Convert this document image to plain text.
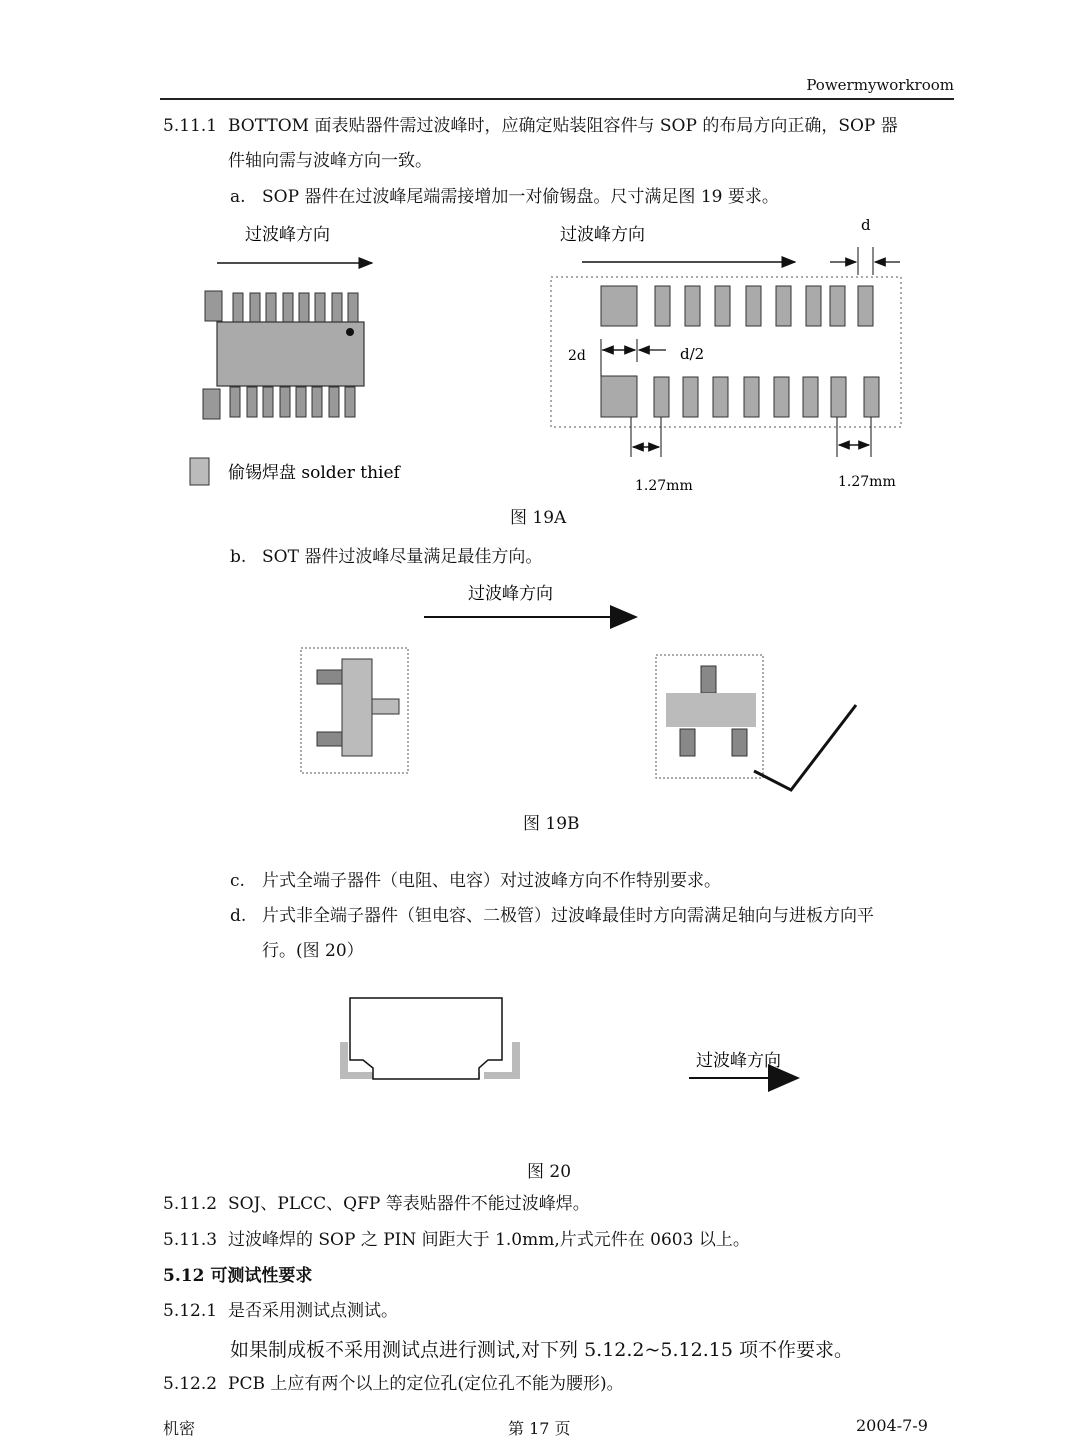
Powermyworkroom
5.11.1 BOTTOM 面表贴器件需过波峰时，应确定贴装阻容件与 SOP 的布局方向正确，SOP 器
件轴向需与波峰方向一致。
a. SOP 器件在过波峰尾端需接增加一对偷锡盘。尺寸满足图 19 要求。
过波峰方向
偷锡焊盘 solder thief
过波峰方向	d
2d	d/2
1.27mm	1.27mm
图 19A
b. SOT 器件过波峰尽量满足最佳方向。
过波峰方向
图 19B
c. 片式全端子器件（电阻、电容）对过波峰方向不作特别要求。
d. 片式非全端子器件（钽电容、二极管）过波峰最佳时方向需满足轴向与进板方向平
行。(图 20）
过波峰方向
图 20
5.11.2 SOJ、PLCC、QFP 等表贴器件不能过波峰焊。
5.11.3 过波峰焊的 SOP 之 PIN 间距大于 1.0mm,片式元件在 0603 以上。
5.12 可测试性要求
5.12.1 是否采用测试点测试。
如果制成板不采用测试点进行测试,对下列 5.12.2~5.12.15 项不作要求。
5.12.2 PCB 上应有两个以上的定位孔(定位孔不能为腰形)。
机密	第 17 页	2004-7-9
